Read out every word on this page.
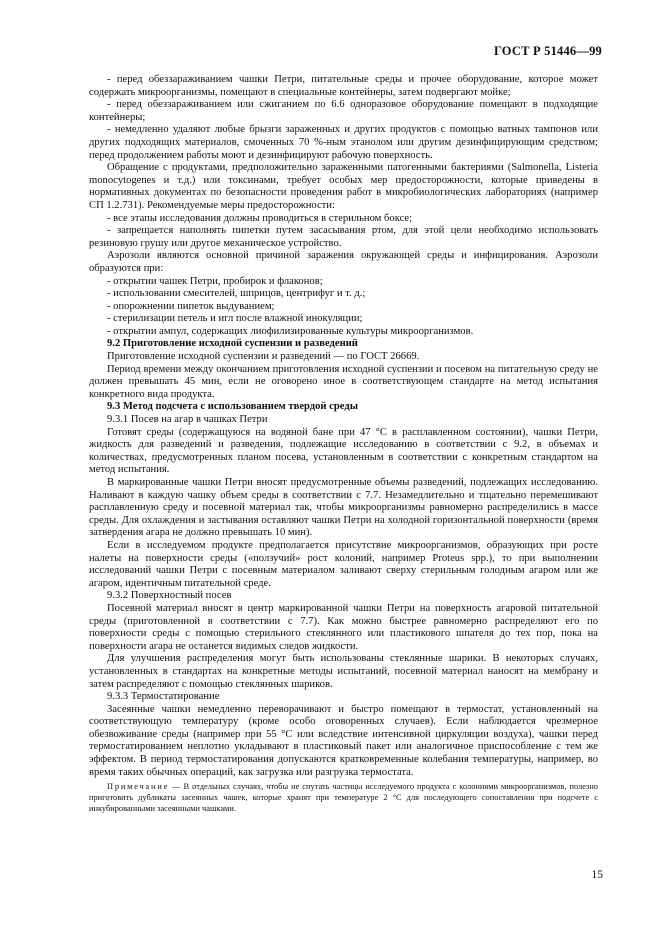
ГОСТ Р 51446—99

- перед обеззараживанием чашки Петри, питательные среды и прочее оборудование, которое может содержать микроорганизмы, помещают в специальные контейнеры, затем подвергают мойке;

- перед обеззараживанием или сжиганием по 6.6 одноразовое оборудование помещают в подходящие контейнеры;

- немедленно удаляют любые брызги зараженных и других продуктов с помощью ватных тампонов или других подходящих материалов, смоченных 70 %-ным этанолом или другим дезинфицирующим средством; перед продолжением работы моют и дезинфицируют рабочую поверхность.

Обращение с продуктами, предположительно зараженными патогенными бактериями (Salmonella, Listeria monocytogenes и т.д.) или токсинами, требует особых мер предосторожности, которые приведены в нормативных документах по безопасности проведения работ в микробиологических лабораториях (например СП 1.2.731). Рекомендуемые меры предосторожности:

- все этапы исследования должны проводиться в стерильном боксе;

- запрещается наполнять пипетки путем засасывания ртом, для этой цели необходимо использовать резиновую грушу или другое механическое устройство.

Аэрозоли являются основной причиной заражения окружающей среды и инфицирования. Аэрозоли образуются при:

- открытии чашек Петри, пробирок и флаконов;

- использовании смесителей, шприцов, центрифуг и т. д.;

- опорожнении пипеток выдуванием;

- стерилизации петель и игл после влажной инокуляции;

- открытии ампул, содержащих лиофилизированные культуры микроорганизмов.

9.2 Приготовление исходной суспензии и разведений

Приготовление исходной суспензии и разведений — по ГОСТ 26669.

Период времени между окончанием приготовления исходной суспензии и посевом на питательную среду не должен превышать 45 мин, если не оговорено иное в соответствующем стандарте на метод испытания конкретного вида продукта.

9.3 Метод подсчета с использованием твердой среды

9.3.1 Посев на агар в чашках Петри

Готовят среды (содержащуюся на водяной бане при 47 °С в расплавленном состоянии), чашки Петри, жидкость для разведений и разведения, подлежащие исследованию в соответствии с 9.2, в объемах и количествах, предусмотренных планом посева, установленным в соответствии с конкретным стандартом на метод испытания.

В маркированные чашки Петри вносят предусмотренные объемы разведений, подлежащих исследованию. Наливают в каждую чашку объем среды в соответствии с 7.7. Незамедлительно и тщательно перемешивают расплавленную среду и посевной материал так, чтобы микроорганизмы равномерно распределились в массе среды. Для охлаждения и застывания оставляют чашки Петри на холодной горизонтальной поверхности (время затвердения агара не должно превышать 10 мин).

Если в исследуемом продукте предполагается присутствие микроорганизмов, образующих при росте налеты на поверхности среды («ползучий» рост колоний, например Proteus spp.), то при выполнении исследований чашки Петри с посевным материалом заливают сверху стерильным голодным агаром или же агаром, идентичным питательной среде.

9.3.2 Поверхностный посев

Посевной материал вносят в центр маркированной чашки Петри на поверхность агаровой питательной среды (приготовленной в соответствии с 7.7). Как можно быстрее равномерно распределяют его по поверхности среды с помощью стерильного стеклянного или пластикового шпателя до тех пор, пока на поверхности агара не останется видимых следов жидкости.

Для улучшения распределения могут быть использованы стеклянные шарики. В некоторых случаях, установленных в стандартах на конкретные методы испытаний, посевной материал наносят на мембрану и затем распределяют с помощью стеклянных шариков.

9.3.3 Термостатирование

Засеянные чашки немедленно переворачивают и быстро помещают в термостат, установленный на соответствующую температуру (кроме особо оговоренных случаев). Если наблюдается чрезмерное обезвоживание среды (например при 55 °С или вследствие интенсивной циркуляции воздуха), чашки перед термостатированием неплотно укладывают в пластиковый пакет или аналогичное приспособление с тем же эффектом. В период термостатирования допускаются кратковременные колебания температуры, например, во время таких обычных операций, как загрузка или разгрузка термостата.

Примечание — В отдельных случаях, чтобы не спутать частицы исследуемого продукта с колониями микроорганизмов, полезно приготовить дубликаты засеянных чашек, которые хранят при температуре 2 °С для последующего сопоставления при подсчете с инкубированными засеянными чашками.

15
